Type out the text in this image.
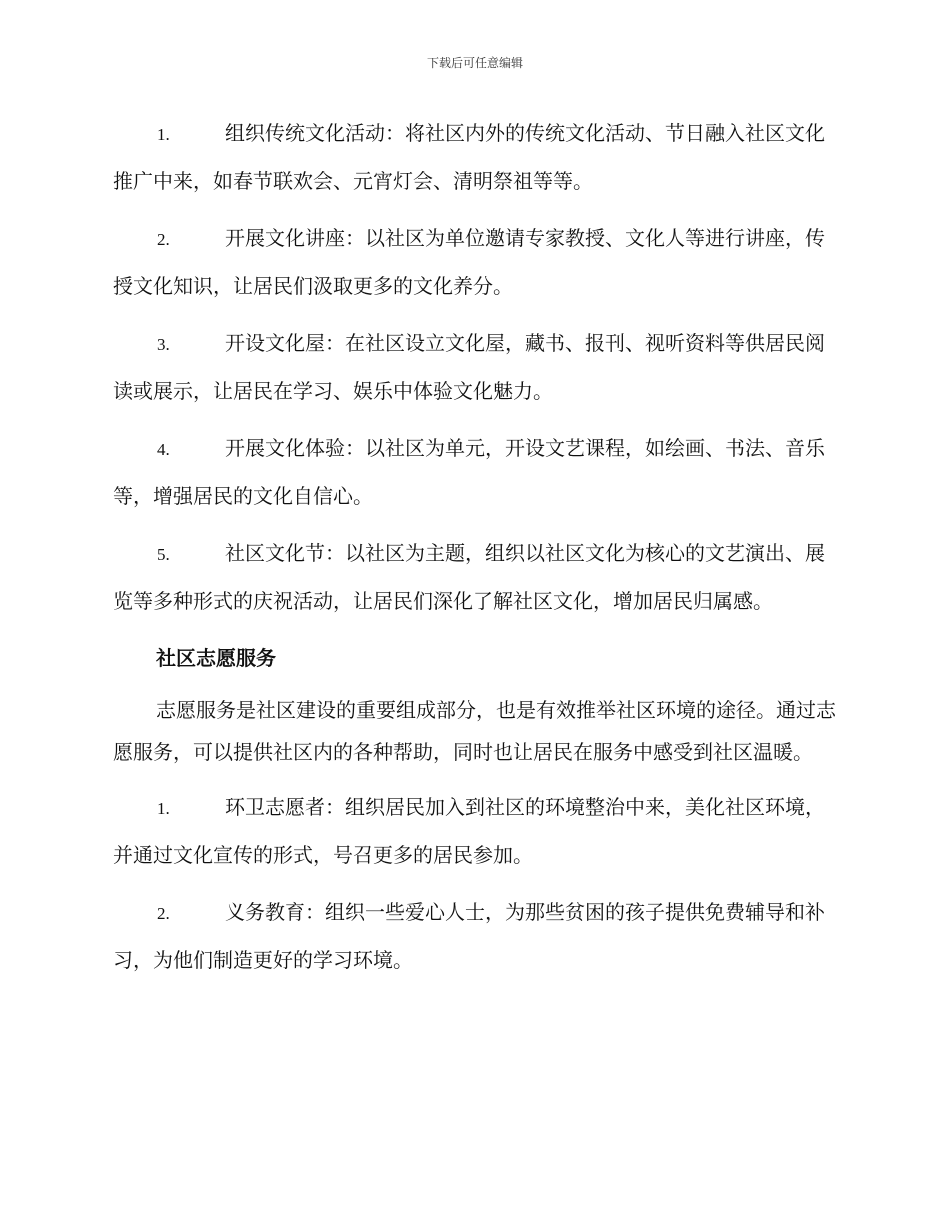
下载后可任意编辑
1.	组织传统文化活动：将社区内外的传统文化活动、节日融入社区文化推广中来，如春节联欢会、元宵灯会、清明祭祖等等。
2.	开展文化讲座：以社区为单位邀请专家教授、文化人等进行讲座，传授文化知识，让居民们汲取更多的文化养分。
3.	开设文化屋：在社区设立文化屋，藏书、报刊、视听资料等供居民阅读或展示，让居民在学习、娱乐中体验文化魅力。
4.	开展文化体验：以社区为单元，开设文艺课程，如绘画、书法、音乐等，增强居民的文化自信心。
5.	社区文化节：以社区为主题，组织以社区文化为核心的文艺演出、展览等多种形式的庆祝活动，让居民们深化了解社区文化，增加居民归属感。
社区志愿服务
志愿服务是社区建设的重要组成部分，也是有效推举社区环境的途径。通过志愿服务，可以提供社区内的各种帮助，同时也让居民在服务中感受到社区温暖。
1.	环卫志愿者：组织居民加入到社区的环境整治中来，美化社区环境，并通过文化宣传的形式，号召更多的居民参加。
2.	义务教育：组织一些爱心人士，为那些贫困的孩子提供免费辅导和补习，为他们制造更好的学习环境。
